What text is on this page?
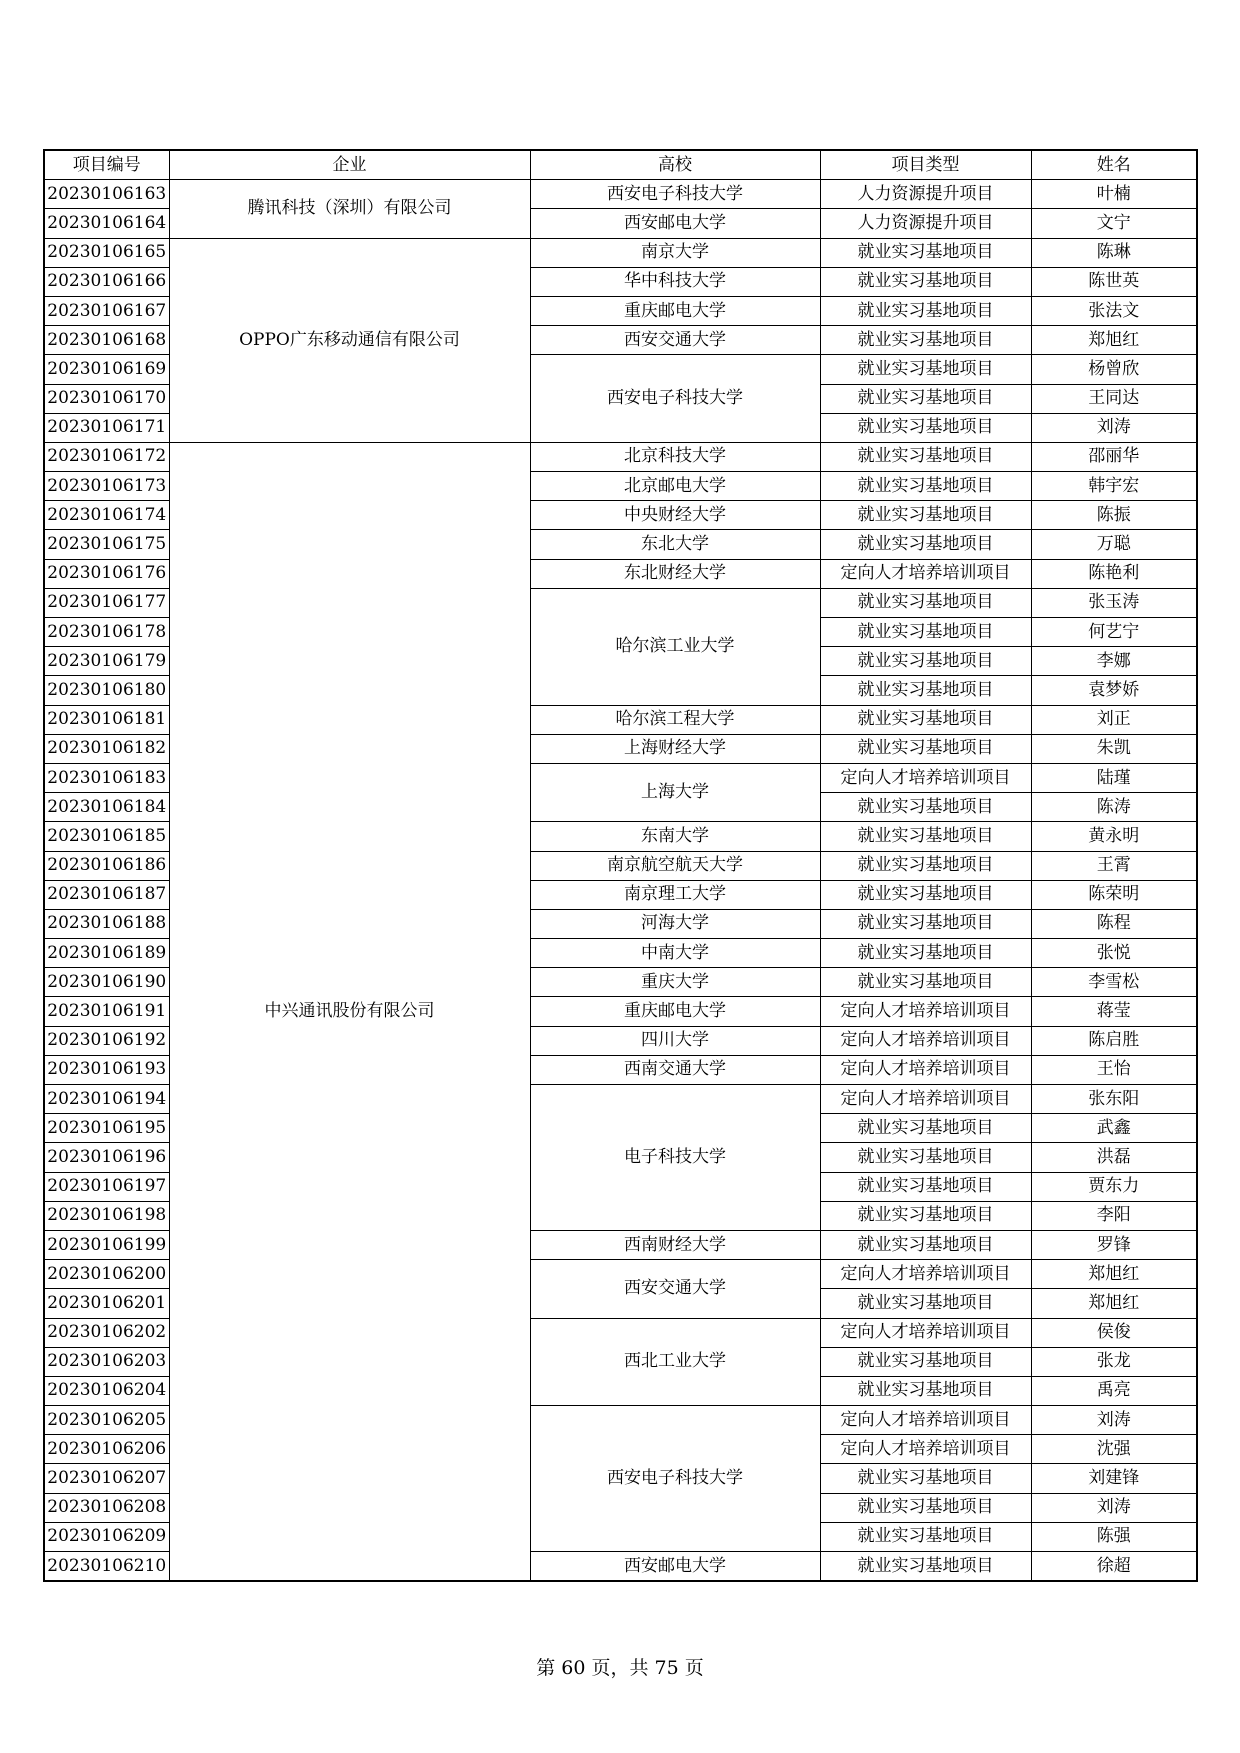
项目编号	企业	高校	项目类型	姓名
20230106163	腾讯科技（深圳）有限公司	西安电子科技大学	人力资源提升项目	叶楠
20230106164		西安邮电大学	人力资源提升项目	文宁
20230106165	OPPO广东移动通信有限公司	南京大学	就业实习基地项目	陈琳
20230106166		华中科技大学	就业实习基地项目	陈世英
20230106167		重庆邮电大学	就业实习基地项目	张法文
20230106168		西安交通大学	就业实习基地项目	郑旭红
20230106169		西安电子科技大学	就业实习基地项目	杨曾欣
20230106170			就业实习基地项目	王同达
20230106171			就业实习基地项目	刘涛
20230106172	中兴通讯股份有限公司	北京科技大学	就业实习基地项目	邵丽华
20230106173		北京邮电大学	就业实习基地项目	韩宇宏
20230106174		中央财经大学	就业实习基地项目	陈振
20230106175		东北大学	就业实习基地项目	万聪
20230106176		东北财经大学	定向人才培养培训项目	陈艳利
20230106177		哈尔滨工业大学	就业实习基地项目	张玉涛
20230106178			就业实习基地项目	何艺宁
20230106179			就业实习基地项目	李娜
20230106180			就业实习基地项目	袁梦娇
20230106181		哈尔滨工程大学	就业实习基地项目	刘正
20230106182		上海财经大学	就业实习基地项目	朱凯
20230106183		上海大学	定向人才培养培训项目	陆瑾
20230106184			就业实习基地项目	陈涛
20230106185		东南大学	就业实习基地项目	黄永明
20230106186		南京航空航天大学	就业实习基地项目	王霄
20230106187		南京理工大学	就业实习基地项目	陈荣明
20230106188		河海大学	就业实习基地项目	陈程
20230106189		中南大学	就业实习基地项目	张悦
20230106190		重庆大学	就业实习基地项目	李雪松
20230106191		重庆邮电大学	定向人才培养培训项目	蒋莹
20230106192		四川大学	定向人才培养培训项目	陈启胜
20230106193		西南交通大学	定向人才培养培训项目	王怡
20230106194		电子科技大学	定向人才培养培训项目	张东阳
20230106195			就业实习基地项目	武鑫
20230106196			就业实习基地项目	洪磊
20230106197			就业实习基地项目	贾东力
20230106198			就业实习基地项目	李阳
20230106199		西南财经大学	就业实习基地项目	罗锋
20230106200		西安交通大学	定向人才培养培训项目	郑旭红
20230106201			就业实习基地项目	郑旭红
20230106202		西北工业大学	定向人才培养培训项目	侯俊
20230106203			就业实习基地项目	张龙
20230106204			就业实习基地项目	禹亮
20230106205		西安电子科技大学	定向人才培养培训项目	刘涛
20230106206			定向人才培养培训项目	沈强
20230106207			就业实习基地项目	刘建锋
20230106208			就业实习基地项目	刘涛
20230106209			就业实习基地项目	陈强
20230106210		西安邮电大学	就业实习基地项目	徐超
第 60 页，共 75 页
